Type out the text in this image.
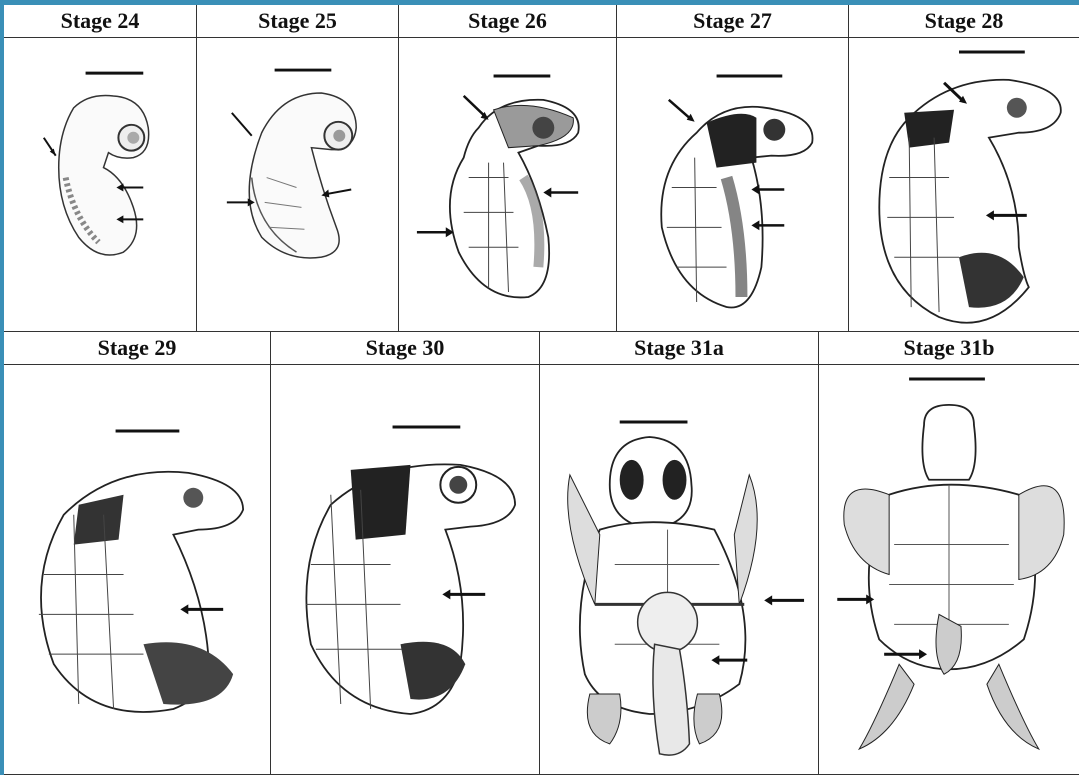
Stage 24	Stage 25	Stage 26	Stage 27	Stage 28
Stage 29	Stage 30	Stage 31a	Stage 31b
